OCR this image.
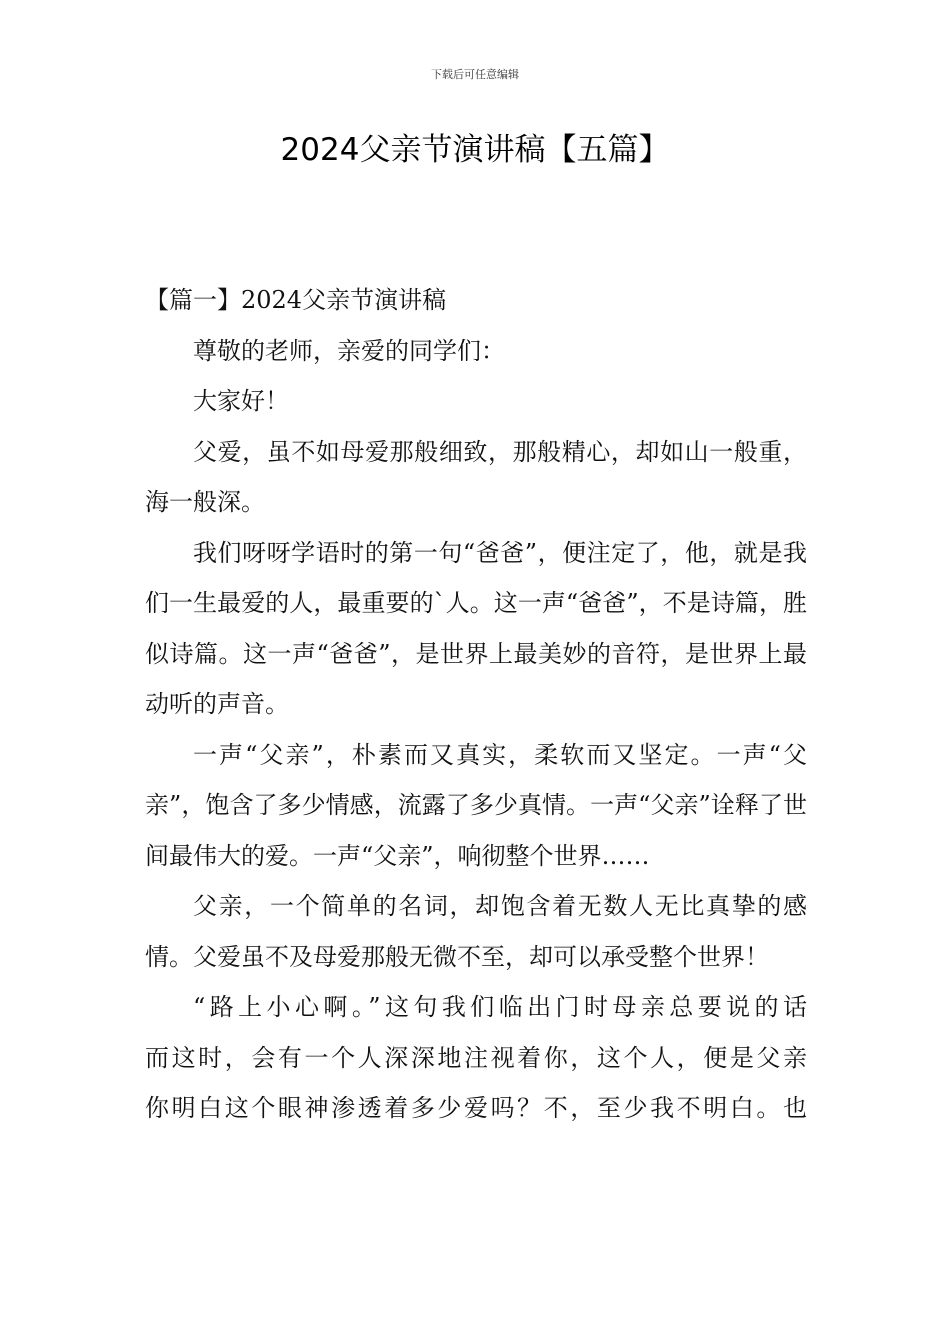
下载后可任意编辑
2024父亲节演讲稿【五篇】

【篇一】2024父亲节演讲稿

尊敬的老师，亲爱的同学们：

大家好！

父爱，虽不如母爱那般细致，那般精心，却如山一般重，海一般深。

我们呀呀学语时的第一句“爸爸”，便注定了，他，就是我们一生最爱的人，最重要的`人。这一声“爸爸”，不是诗篇，胜似诗篇。这一声“爸爸”，是世界上最美妙的音符，是世界上最动听的声音。

一声“父亲”，朴素而又真实，柔软而又坚定。一声“父亲”，饱含了多少情感，流露了多少真情。一声“父亲”诠释了世间最伟大的爱。一声“父亲”，响彻整个世界……

父亲，一个简单的名词，却饱含着无数人无比真挚的感情。父爱虽不及母爱那般无微不至，却可以承受整个世界！

“路上小心啊。”这句我们临出门时母亲总要说的话

而这时，会有一个人深深地注视着你，这个人，便是父亲

你明白这个眼神渗透着多少爱吗？不，至少我不明白。也
